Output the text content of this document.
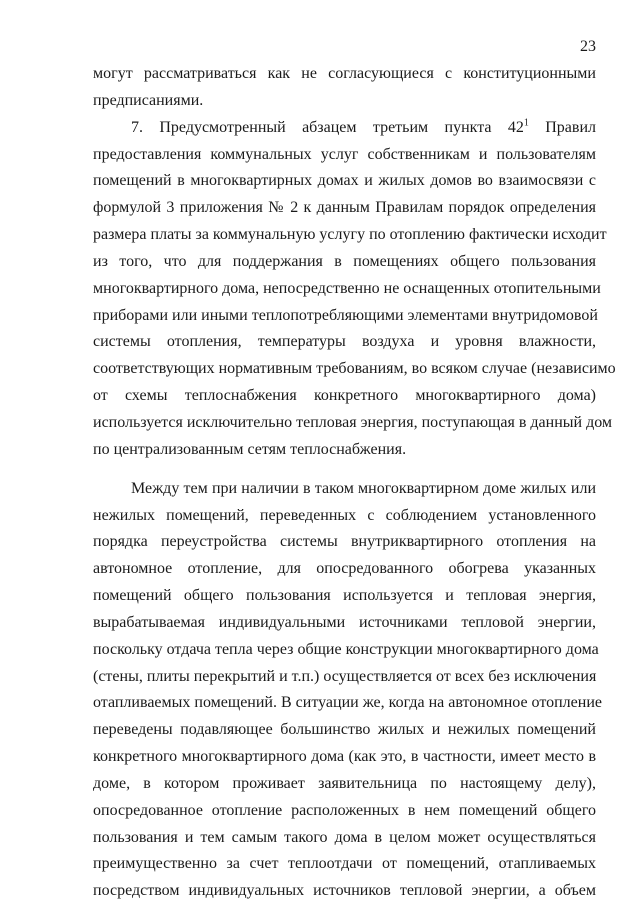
23
могут рассматриваться как не согласующиеся с конституционными
предписаниями.
7. Предусмотренный абзацем третьим пункта $42^1$ Правил
предоставления коммунальных услуг собственникам и пользователям
помещений в многоквартирных домах и жилых домов во взаимосвязи с
формулой 3 приложения № 2 к данным Правилам порядок определения
размера платы за коммунальную услугу по отоплению фактически исходит
из того, что для поддержания в помещениях общего пользования
многоквартирного дома, непосредственно не оснащенных отопительными
приборами или иными теплопотребляющими элементами внутридомовой
системы отопления, температуры воздуха и уровня влажности,
соответствующих нормативным требованиям, во всяком случае (независимо
от схемы теплоснабжения конкретного многоквартирного дома)
используется исключительно тепловая энергия, поступающая в данный дом
по централизованным сетям теплоснабжения.
Между тем при наличии в таком многоквартирном доме жилых или
нежилых помещений, переведенных с соблюдением установленного
порядка переустройства системы внутриквартирного отопления на
автономное отопление, для опосредованного обогрева указанных
помещений общего пользования используется и тепловая энергия,
вырабатываемая индивидуальными источниками тепловой энергии,
поскольку отдача тепла через общие конструкции многоквартирного дома
(стены, плиты перекрытий и т.п.) осуществляется от всех без исключения
отапливаемых помещений. В ситуации же, когда на автономное отопление
переведены подавляющее большинство жилых и нежилых помещений
конкретного многоквартирного дома (как это, в частности, имеет место в
доме, в котором проживает заявительница по настоящему делу),
опосредованное отопление расположенных в нем помещений общего
пользования и тем самым такого дома в целом может осуществляться
преимущественно за счет теплоотдачи от помещений, отапливаемых
посредством индивидуальных источников тепловой энергии, а объем
